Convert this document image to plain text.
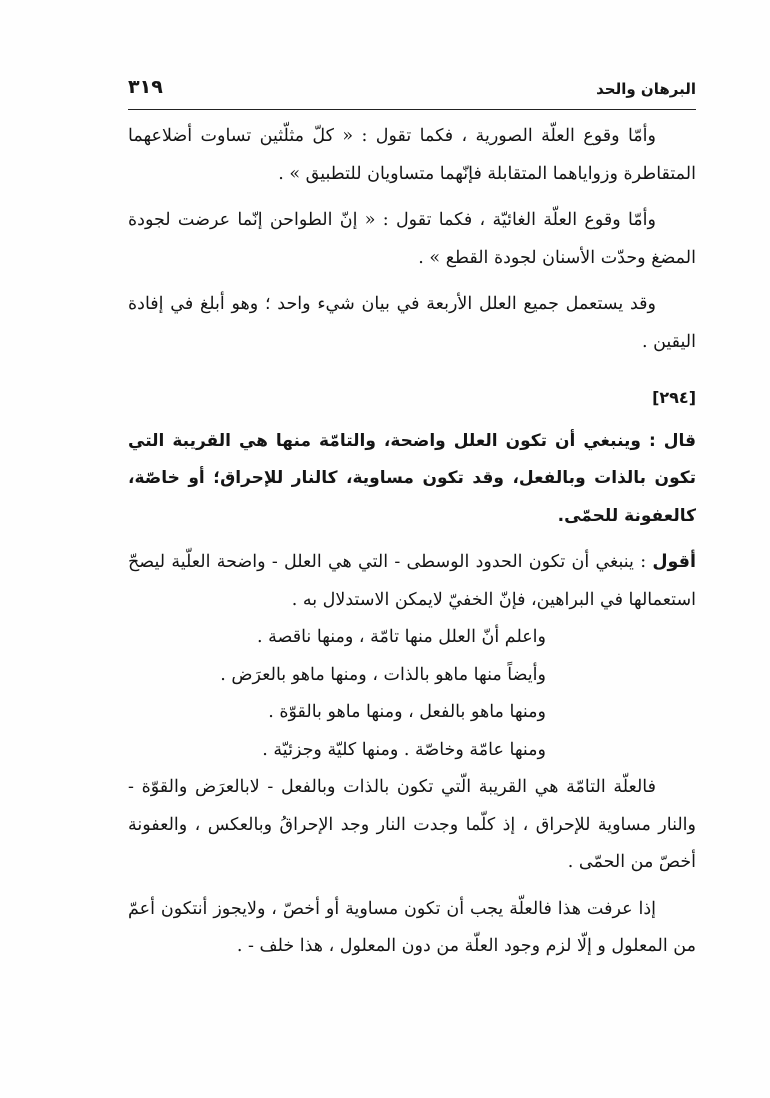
البرهان والحد
٣١٩

وأمّا وقوع العلّة الصورية ، فكما تقول : « كلّ مثلّثين تساوت أضلاعهما المتقاطرة وزواياهما المتقابلة فإنّهما متساويان للتطبيق » .

وأمّا وقوع العلّة الغائيّة ، فكما تقول : « إنّ الطواحن إنّما عرضت لجودة المضغ وحدّت الأسنان لجودة القطع » .

وقد يستعمل جميع العلل الأربعة في بيان شيء واحد ؛ وهو أبلغ في إفادة اليقين .

[٢٩٤]

قال : وينبغي أن تكون العلل واضحة، والتامّة منها هي القريبة التي تكون بالذات وبالفعل، وقد تكون مساوية، كالنار للإحراق؛ أو خاصّة، كالعفونة للحمّى.

أقول : ينبغي أن تكون الحدود الوسطى - التي هي العلل - واضحة العلّية ليصحّ استعمالها في البراهين، فإنّ الخفيّ لايمكن الاستدلال به .

واعلم أنّ العلل منها تامّة ، ومنها ناقصة .

وأيضاً منها ماهو بالذات ، ومنها ماهو بالعرَض .

ومنها ماهو بالفعل ، ومنها ماهو بالقوّة .

ومنها عامّة وخاصّة . ومنها كليّة وجزئيّة .

فالعلّة التامّة هي القريبة الّتي تكون بالذات وبالفعل - لابالعرَض والقوّة - والنار مساوية للإحراق ، إذ كلّما وجدت النار وجد الإحراقُ وبالعكس ، والعفونة أخصّ من الحمّى .

إذا عرفت هذا فالعلّة يجب أن تكون مساوية أو أخصّ ، ولايجوز أنتكون أعمّ من المعلول و إلّا لزم وجود العلّة من دون المعلول ، هذا خلف - .
